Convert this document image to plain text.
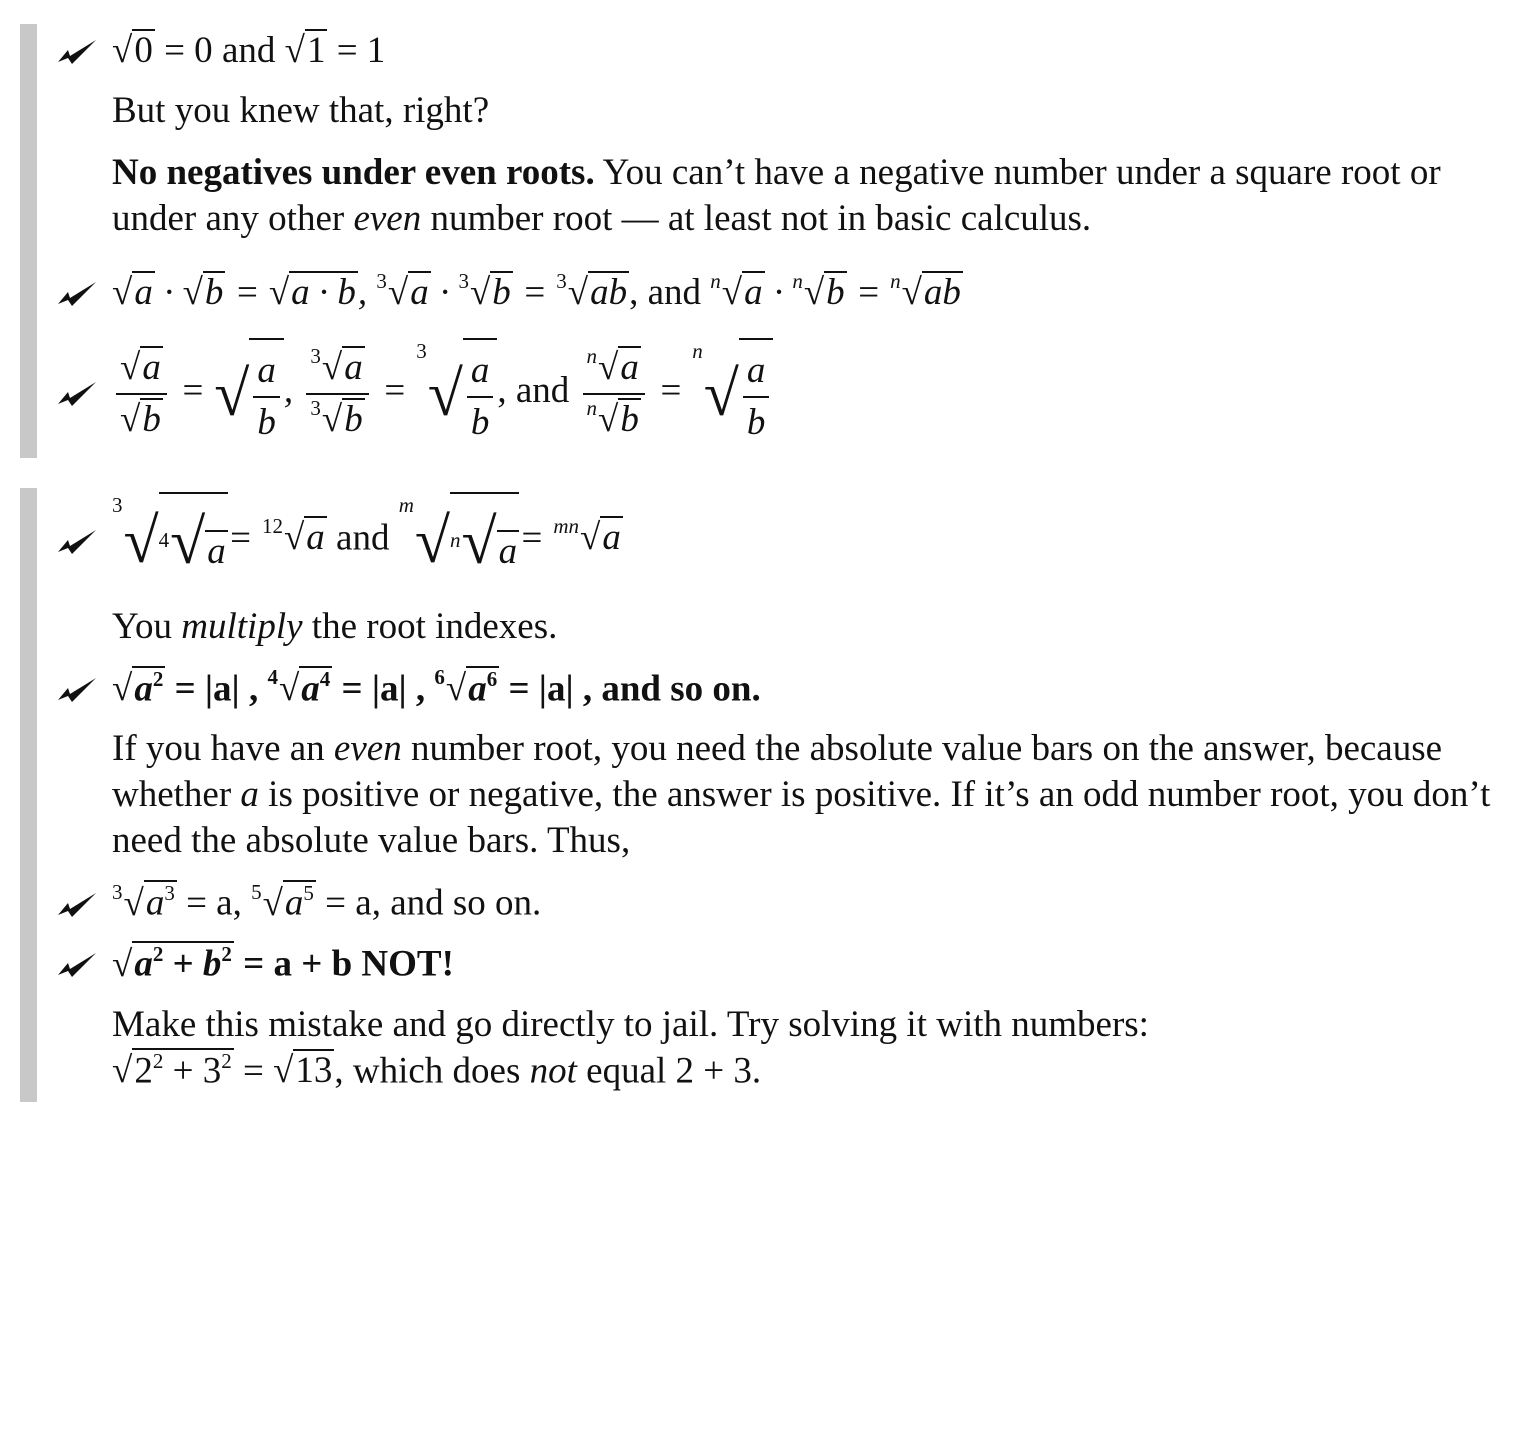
√0 = 0 and √1 = 1
But you knew that, right?
No negatives under even roots. You can’t have a negative number under a square root or under any other even number root — at least not in basic calculus.
√a · √b = √a · b, 3√a · 3√b = 3√ab, and n√a · n√b = n√ab
$\frac{√a}{√b}$ = √ $\frac{a}{b}$ , $\frac{3√a}{3√b}$ =
3
√ $\frac{a}{b}$ , and $\frac{n√a}{n√b}$ =
n
√ $\frac{a}{b}$
3 √ 4√a = 12√a and
m √ n√a = mn√a
You multiply the root indexes.
$√a^2 = |a|$ , $4√a^4 = |a|$ , $6√a^6 = |a|$ , and so on.
If you have an even number root, you need the absolute value bars on the answer, because whether a is positive or negative, the answer is positive. If it’s an odd number root, you don’t need the absolute value bars. Thus,
$3√a^3 = a$, $5√a^5 = a$, and so on.
$√a^2 + b^2 = a + b$ NOT!
Make this mistake and go directly to jail. Try solving it with numbers:
$√2^2 + 3^2 = √13$, which does not equal 2 + 3.
